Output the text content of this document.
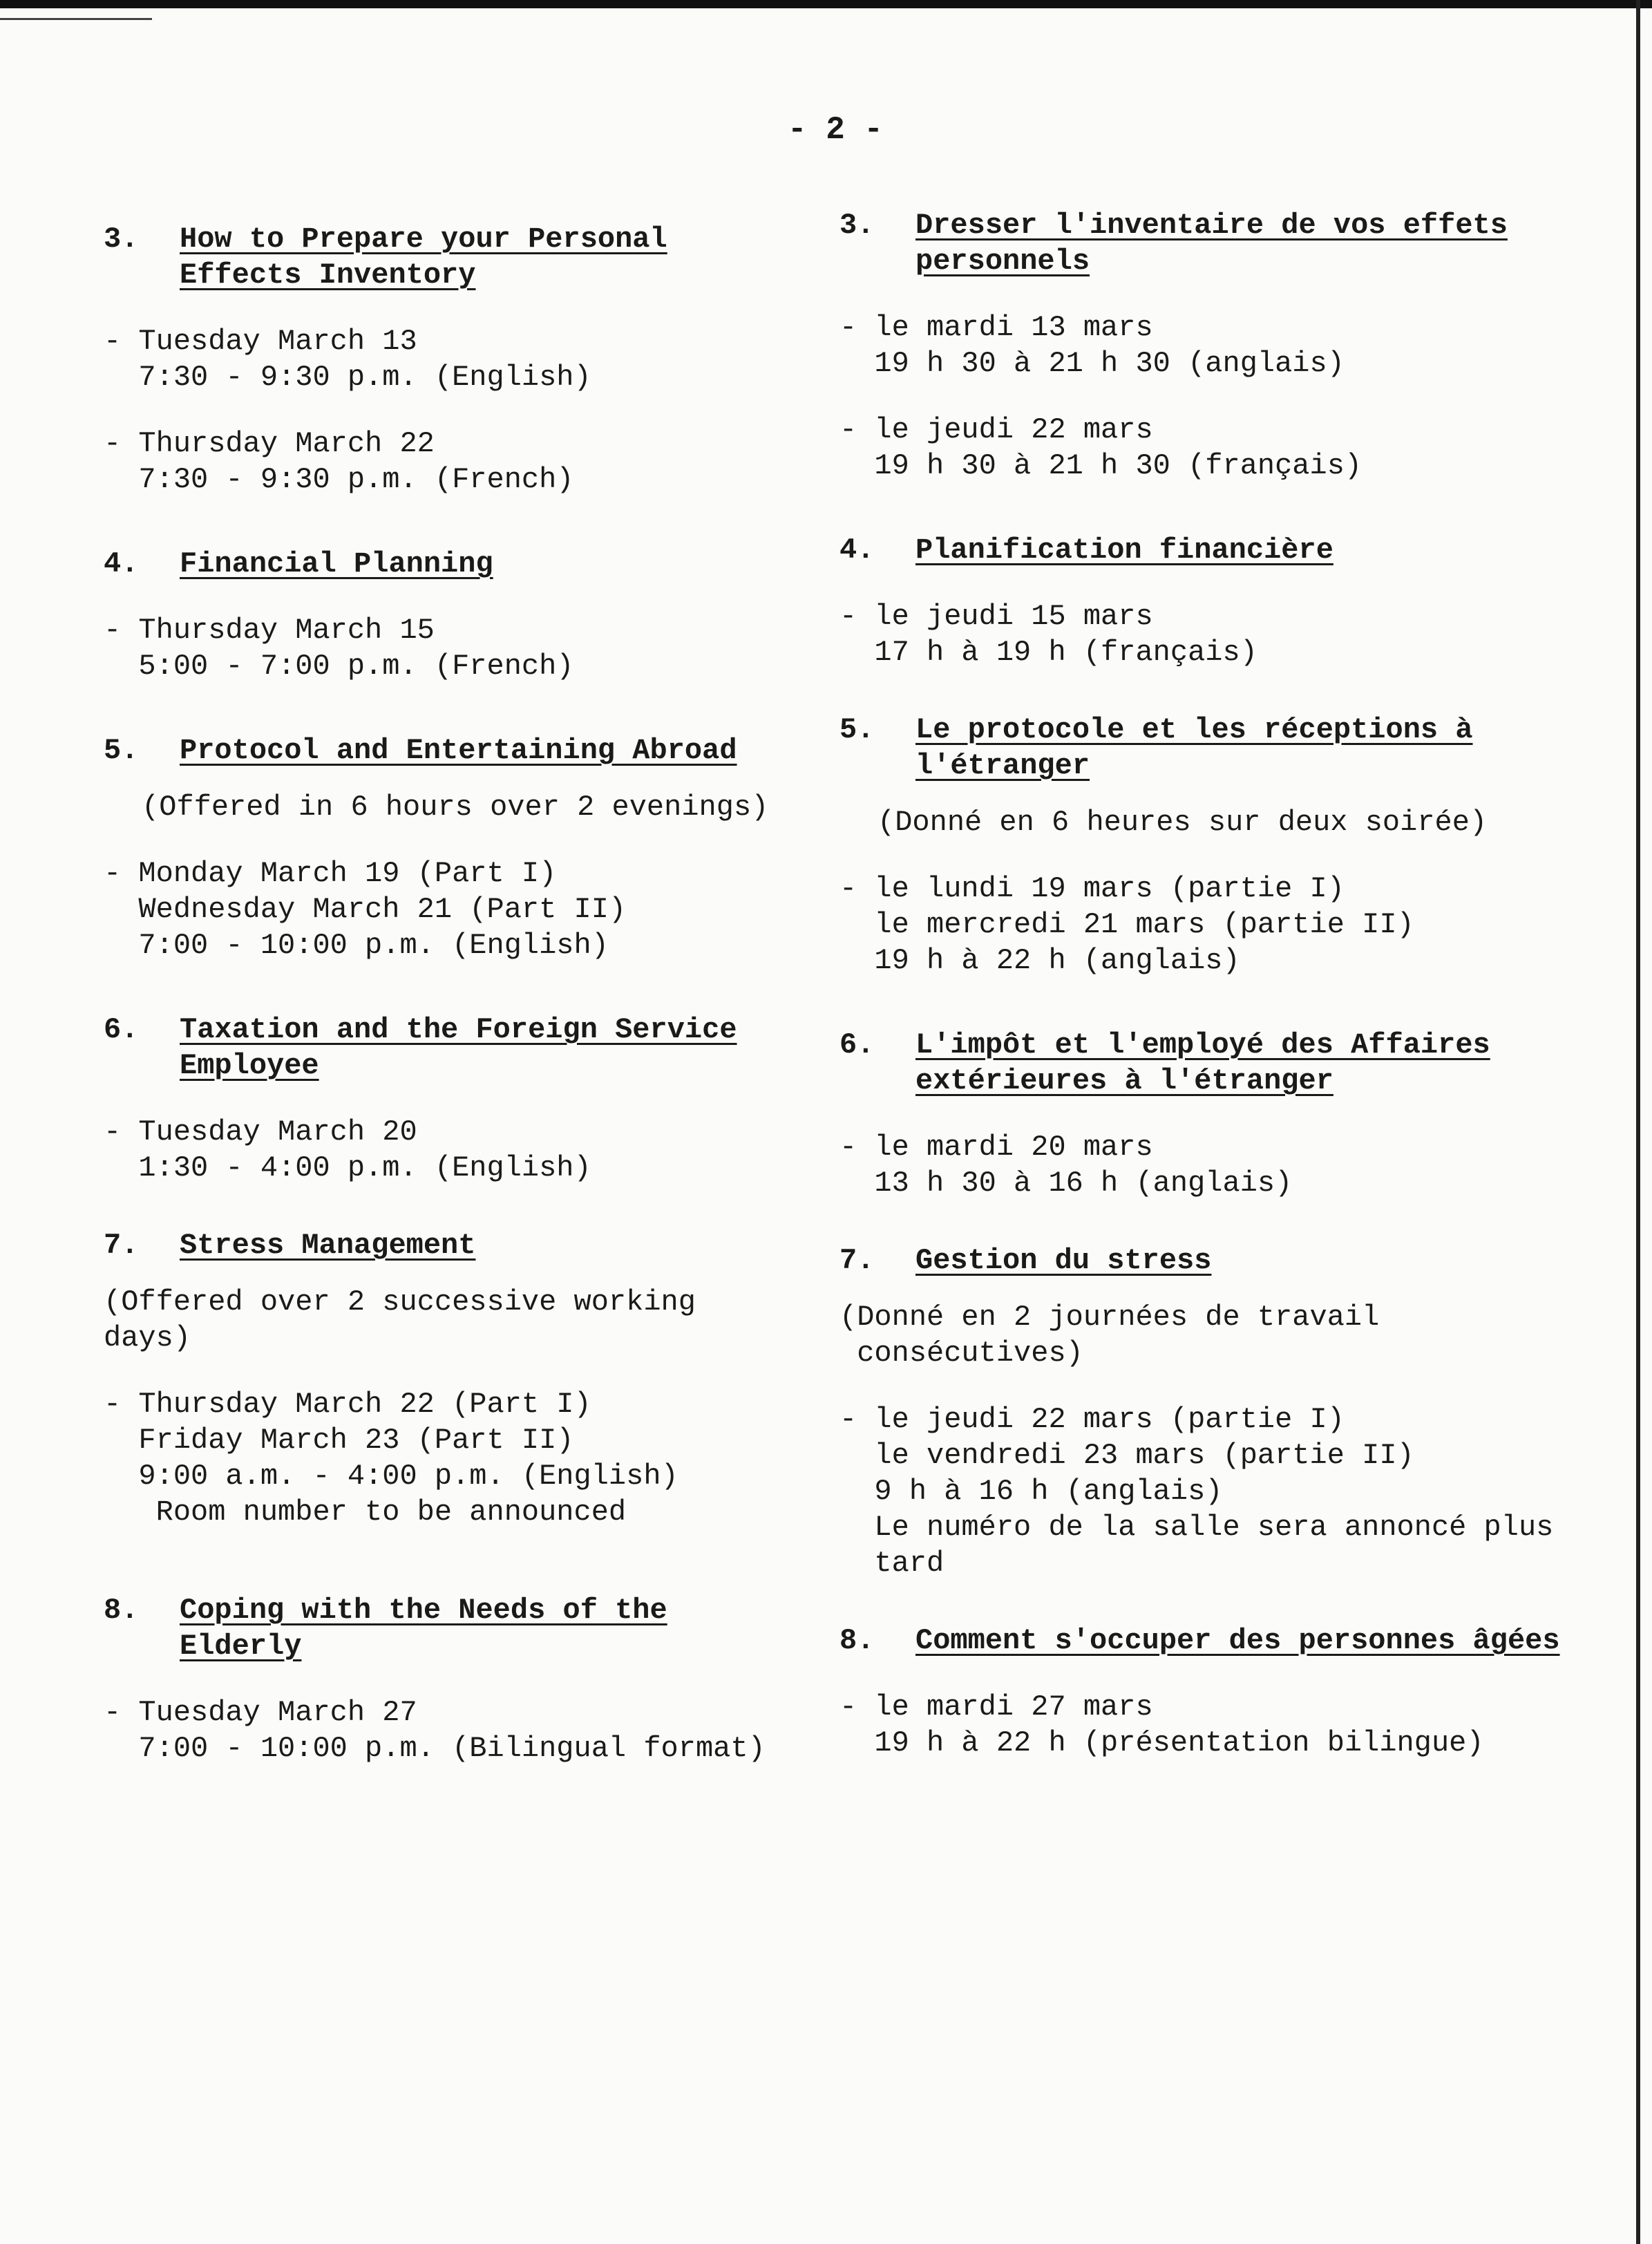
- 2 -
3.	How to Prepare your Personal
Effects Inventory
- Tuesday March 13
7:30 - 9:30 p.m. (English)
- Thursday March 22
7:30 - 9:30 p.m. (French)
4.	Financial Planning
- Thursday March 15
5:00 - 7:00 p.m. (French)
5.	Protocol and Entertaining Abroad
(Offered in 6 hours over 2 evenings)
- Monday March 19 (Part I)
Wednesday March 21 (Part II)
7:00 - 10:00 p.m. (English)
6.	Taxation and the Foreign Service
Employee
- Tuesday March 20
1:30 - 4:00 p.m. (English)
7.	Stress Management
(Offered over 2 successive working
days)
- Thursday March 22 (Part I)
Friday March 23 (Part II)
9:00 a.m. - 4:00 p.m. (English)
Room number to be announced
8.	Coping with the Needs of the
Elderly
- Tuesday March 27
7:00 - 10:00 p.m. (Bilingual format)
3.	Dresser l'inventaire de vos effets
personnels
- le mardi 13 mars
19 h 30 à 21 h 30 (anglais)
- le jeudi 22 mars
19 h 30 à 21 h 30 (français)
4.	Planification financière
- le jeudi 15 mars
17 h à 19 h (français)
5.	Le protocole et les réceptions à
l'étranger
(Donné en 6 heures sur deux soirée)
- le lundi 19 mars (partie I)
le mercredi 21 mars (partie II)
19 h à 22 h (anglais)
6.	L'impôt et l'employé des Affaires
extérieures à l'étranger
- le mardi 20 mars
13 h 30 à 16 h (anglais)
7.	Gestion du stress
(Donné en 2 journées de travail
consécutives)
- le jeudi 22 mars (partie I)
le vendredi 23 mars (partie II)
9 h à 16 h (anglais)
Le numéro de la salle sera annoncé plus
tard
8.	Comment s'occuper des personnes âgées
- le mardi 27 mars
19 h à 22 h (présentation bilingue)
